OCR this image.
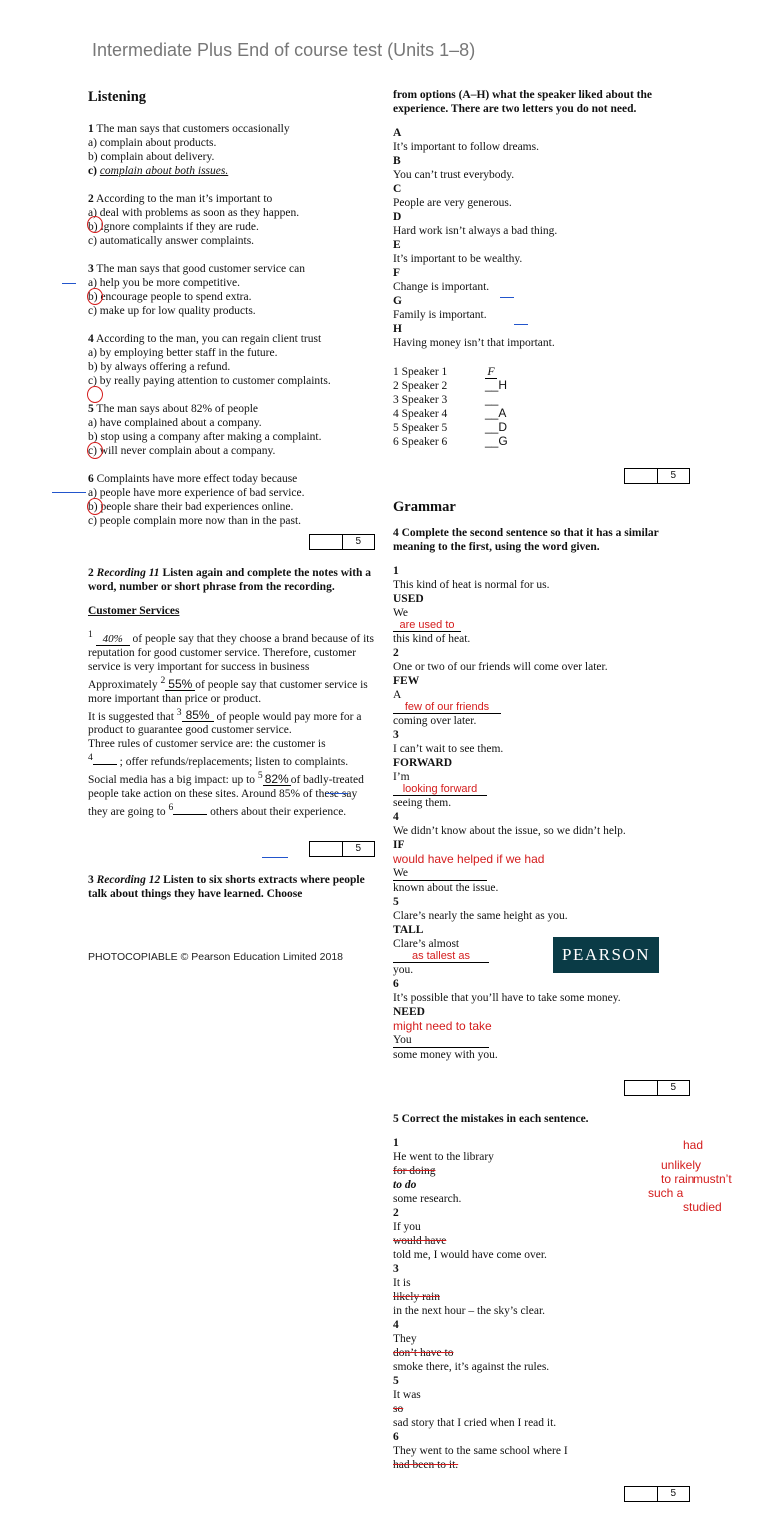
Intermediate Plus End of course test (Units 1–8)
Listening
1 The man says that customers occasionally
a) complain about products.
b) complain about delivery.
c) complain about both issues.
2 According to the man it’s important to
a) deal with problems as soon as they happen.
b) ignore complaints if they are rude.
c) automatically answer complaints.
3 The man says that good customer service can
a) help you be more competitive.
b) encourage people to spend extra.
c) make up for low quality products.
4 According to the man, you can regain client trust
a) by employing better staff in the future.
b) by always offering a refund.
c) by really paying attention to customer complaints.
5 The man says about 82% of people
a) have complained about a company.
b) stop using a company after making a complaint.
c) will never complain about a company.
6 Complaints have more effect today because
a) people have more experience of bad service.
b) people share their bad experiences online.
c) people complain more now than in the past.
5
2 Recording 11 Listen again and complete the notes with a word, number or short phrase from the recording.
Customer Services
$^1$ 40% of people say that they choose a brand because of its reputation for good customer service. Therefore, customer service is very important for success in business
Approximately $^2$ 55% of people say that customer service is more important than price or product.
It is suggested that $^3$ 85% of people would pay more for a product to guarantee good customer service.
Three rules of customer service are: the customer is
$^4$ ; offer refunds/replacements; listen to complaints.
Social media has a big impact: up to $^5$ 82% of badly-treated people take action on these sites. Around 85% of these say they are going to $^6$	others about their experience.
5
3 Recording 12 Listen to six shorts extracts where people talk about things they have learned. Choose
from options (A–H) what the speaker liked about the experience. There are two letters you do not need.
A
It’s important to follow dreams.
B
You can’t trust everybody.
C
People are very generous.
D
Hard work isn’t always a bad thing.
E
It’s important to be wealthy.
F
Change is important.
G
Family is important.
H
Having money isn’t that important.
1 Speaker 1	F
2 Speaker 2	__ H
3 Speaker 3	__
4 Speaker 4	__ A
5 Speaker 5	__ D
6 Speaker 6	__ G
5
Grammar
4 Complete the second sentence so that it has a similar meaning to the first, using the word given.
1
This kind of heat is normal for us.
USED
We
are used to
this kind of heat.
2
One or two of our friends will come over later.
FEW
A
few of our friends
coming over later.
3
I can’t wait to see them.
FORWARD
I’m
looking forward
seeing them.
4
We didn’t know about the issue, so we didn’t help.
IF
would have helped if we had
We
known about the issue.
5
Clare’s nearly the same height as you.
TALL
Clare’s almost
as tallest as
you.
6
It’s possible that you’ll have to take some money.
NEED
might need to take
You
some money with you.
5
5 Correct the mistakes in each sentence.
1
He went to the library
for doing
to do
some research.
2
If you
would have
told me, I would have come over.
3
It is
likely rain
in the next hour – the sky’s clear.
4
They
don’t have to
smoke there, it’s against the rules.
5
It was
so
sad story that I cried when I read it.
6
They went to the same school where I
had been to it.
had
unlikely to rain
mustn’t
such a
studied
5
PHOTOCOPIABLE © Pearson Education Limited 2018	PEARSON
